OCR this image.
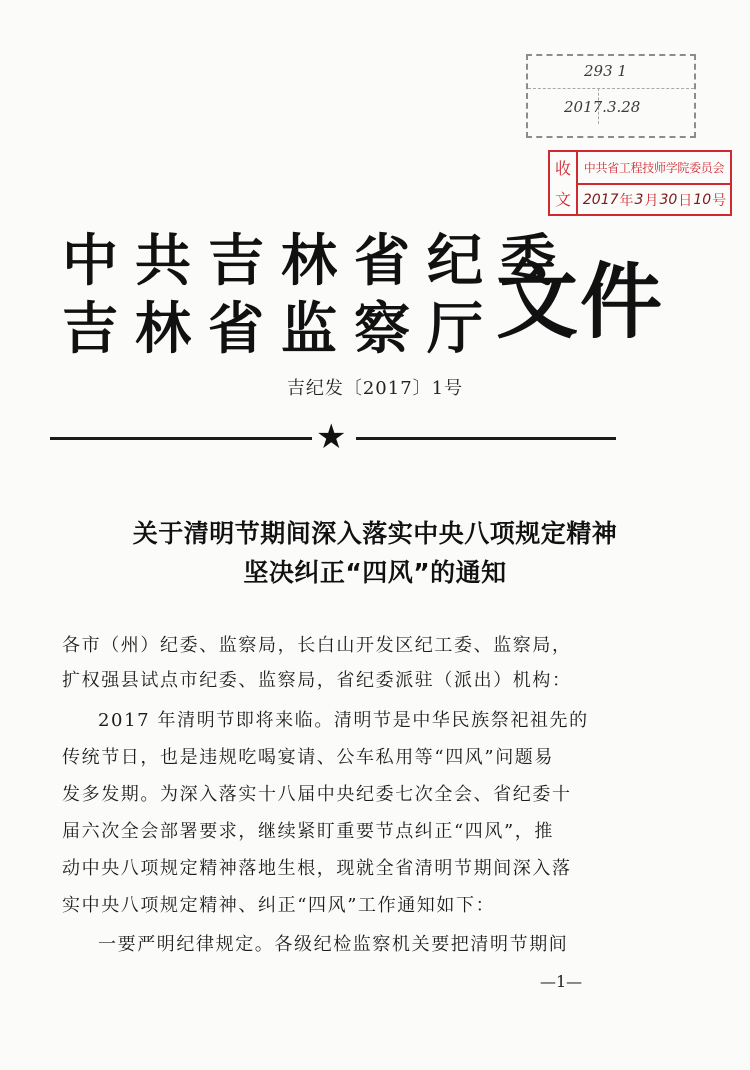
293 1
2017.3.28
收
文
中共省工程技师学院委员会
2017 年 3 月 30 日 10 号
中共吉林省纪委
吉林省监察厅
文件
吉纪发〔2017〕1号
★
关于清明节期间深入落实中央八项规定精神
坚决纠正“四风”的通知
各市（州）纪委、监察局，长白山开发区纪工委、监察局，
扩权强县试点市纪委、监察局，省纪委派驻（派出）机构：
2017 年清明节即将来临。清明节是中华民族祭祀祖先的
传统节日，也是违规吃喝宴请、公车私用等“四风”问题易
发多发期。为深入落实十八届中央纪委七次全会、省纪委十
届六次全会部署要求，继续紧盯重要节点纠正“四风”，推
动中央八项规定精神落地生根，现就全省清明节期间深入落
实中央八项规定精神、纠正“四风”工作通知如下：
一要严明纪律规定。各级纪检监察机关要把清明节期间
—1—
